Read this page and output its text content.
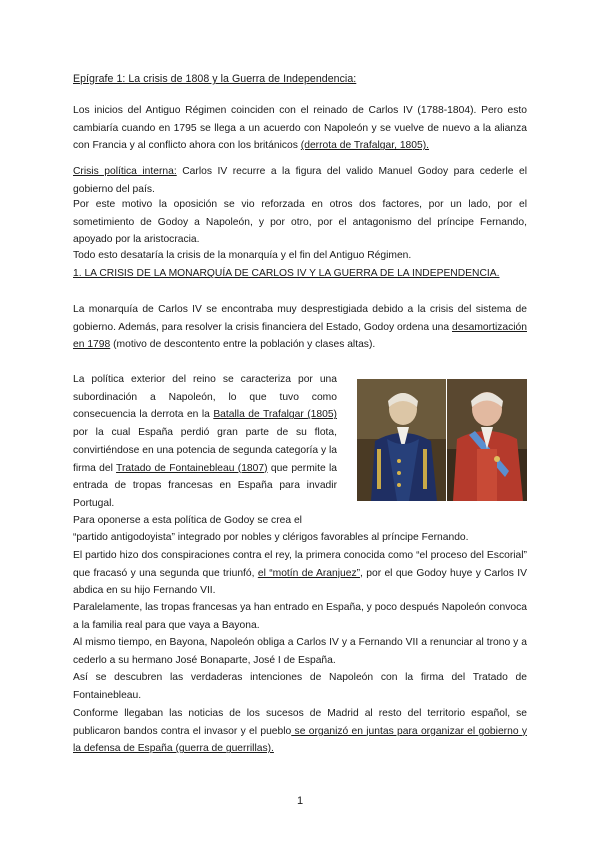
Epígrafe 1: La crisis de 1808 y la Guerra de Independencia:
Los inicios del Antiguo Régimen coinciden con el reinado de Carlos IV (1788-1804). Pero esto cambiaría cuando en 1795 se llega a un acuerdo con Napoleón y se vuelve de nuevo a la alianza con Francia y al conflicto ahora con los británicos (derrota de Trafalgar, 1805).
Crisis política interna: Carlos IV recurre a la figura del valido Manuel Godoy para cederle el gobierno del país.
Por este motivo la oposición se vio reforzada en otros dos factores, por un lado, por el sometimiento de Godoy a Napoleón, y por otro, por el antagonismo del príncipe Fernando, apoyado por la aristocracia.
Todo esto desataría la crisis de la monarquía y el fin del Antiguo Régimen.
1. LA CRISIS DE LA MONARQUÍA DE CARLOS IV Y LA GUERRA DE LA INDEPENDENCIA.
La monarquía de Carlos IV se encontraba muy desprestigiada debido a la crisis del sistema de gobierno. Además, para resolver la crisis financiera del Estado, Godoy ordena una desamortización en 1798 (motivo de descontento entre la población y clases altas).
La política exterior del reino se caracteriza por una subordinación a Napoleón, lo que tuvo como consecuencia la derrota en la Batalla de Trafalgar (1805) por la cual España perdió gran parte de su flota, convirtiéndose en una potencia de segunda categoría y la firma del Tratado de Fontainebleau (1807) que permite la entrada de tropas francesas en España para invadir Portugal.
Para oponerse a esta política de Godoy se crea el
“partido antigodoyista” integrado por nobles y clérigos favorables al príncipe Fernando.
El partido hizo dos conspiraciones contra el rey, la primera conocida como “el proceso del Escorial” que fracasó y una segunda que triunfó, el “motín de Aranjuez”, por el que Godoy huye y Carlos IV abdica en su hijo Fernando VII.
Paralelamente, las tropas francesas ya han entrado en España, y poco después Napoleón convoca a la familia real para que vaya a Bayona.
Al mismo tiempo, en Bayona, Napoleón obliga a Carlos IV y a Fernando VII a renunciar al trono y a cederlo a su hermano José Bonaparte, José I de España.
Así se descubren las verdaderas intenciones de Napoleón con la firma del Tratado de Fontainebleau.
Conforme llegaban las noticias de los sucesos de Madrid al resto del territorio español, se publicaron bandos contra el invasor y el pueblo se organizó en juntas para organizar el gobierno y la defensa de España (guerra de guerrillas).
1
